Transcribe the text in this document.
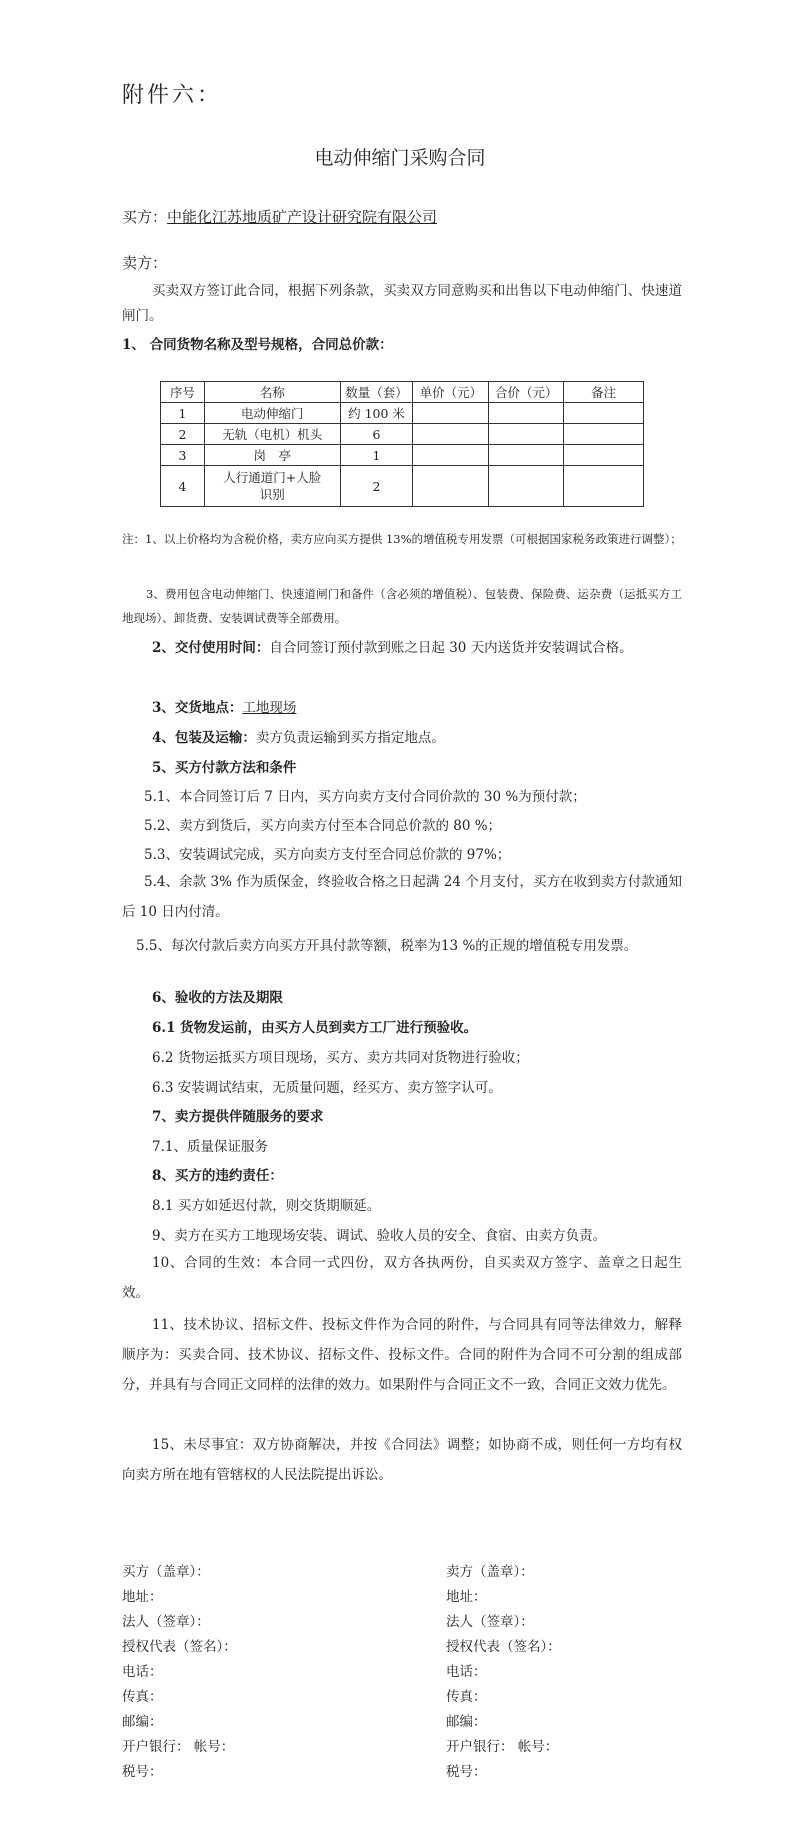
附件六：
电动伸缩门采购合同
买方：中能化江苏地质矿产设计研究院有限公司
卖方：
买卖双方签订此合同，根据下列条款，买卖双方同意购买和出售以下电动伸缩门、快速道闸门。
1、 合同货物名称及型号规格，合同总价款：
序号	名称	数量（套）	单价（元）	合价（元）	备注
1	电动伸缩门	约 100 米			
2	无轨（电机）机头	6			
3	岗　亭	1			
4	人行通道门+人脸识别	2			
注：1、以上价格均为含税价格，卖方应向买方提供 13%的增值税专用发票（可根据国家税务政策进行调整）；
3、费用包含电动伸缩门、快速道闸门和备件（含必须的增值税）、包装费、保险费、运杂费（运抵买方工地现场）、卸货费、安装调试费等全部费用。
2、交付使用时间：自合同签订预付款到账之日起 30 天内送货并安装调试合格。
3、交货地点：工地现场
4、包装及运输：卖方负责运输到买方指定地点。
5、买方付款方法和条件
5.1、本合同签订后 7 日内，买方向卖方支付合同价款的 30 %为预付款；
5.2、卖方到货后，买方向卖方付至本合同总价款的 80 %；
5.3、安装调试完成，买方向卖方支付至合同总价款的 97%；
5.4、余款 3% 作为质保金，终验收合格之日起满 24 个月支付，买方在收到卖方付款通知后 10 日内付清。
5.5、每次付款后卖方向买方开具付款等额，税率为13 %的正规的增值税专用发票。
6、验收的方法及期限
6.1 货物发运前，由买方人员到卖方工厂进行预验收。
6.2 货物运抵买方项目现场，买方、卖方共同对货物进行验收；
6.3 安装调试结束，无质量问题，经买方、卖方签字认可。
7、卖方提供伴随服务的要求
7.1、质量保证服务
8、买方的违约责任：
8.1 买方如延迟付款，则交货期顺延。
9、卖方在买方工地现场安装、调试、验收人员的安全、食宿、由卖方负责。
10、合同的生效：本合同一式四份，双方各执两份，自买卖双方签字、盖章之日起生效。
11、技术协议、招标文件、投标文件作为合同的附件，与合同具有同等法律效力，解释顺序为：买卖合同、技术协议、招标文件、投标文件。合同的附件为合同不可分割的组成部分，并具有与合同正文同样的法律的效力。如果附件与合同正文不一致，合同正文效力优先。
15、未尽事宜：双方协商解决，并按《合同法》调整；如协商不成，则任何一方均有权向卖方所在地有管辖权的人民法院提出诉讼。
买方（盖章）：
地址：
法人（签章）：
授权代表（签名）：
电话：
传真：
邮编：
开户银行： 帐号：
税号：
卖方（盖章）：
地址：
法人（签章）：
授权代表（签名）：
电话：
传真：
邮编：
开户银行： 帐号：
税号：
